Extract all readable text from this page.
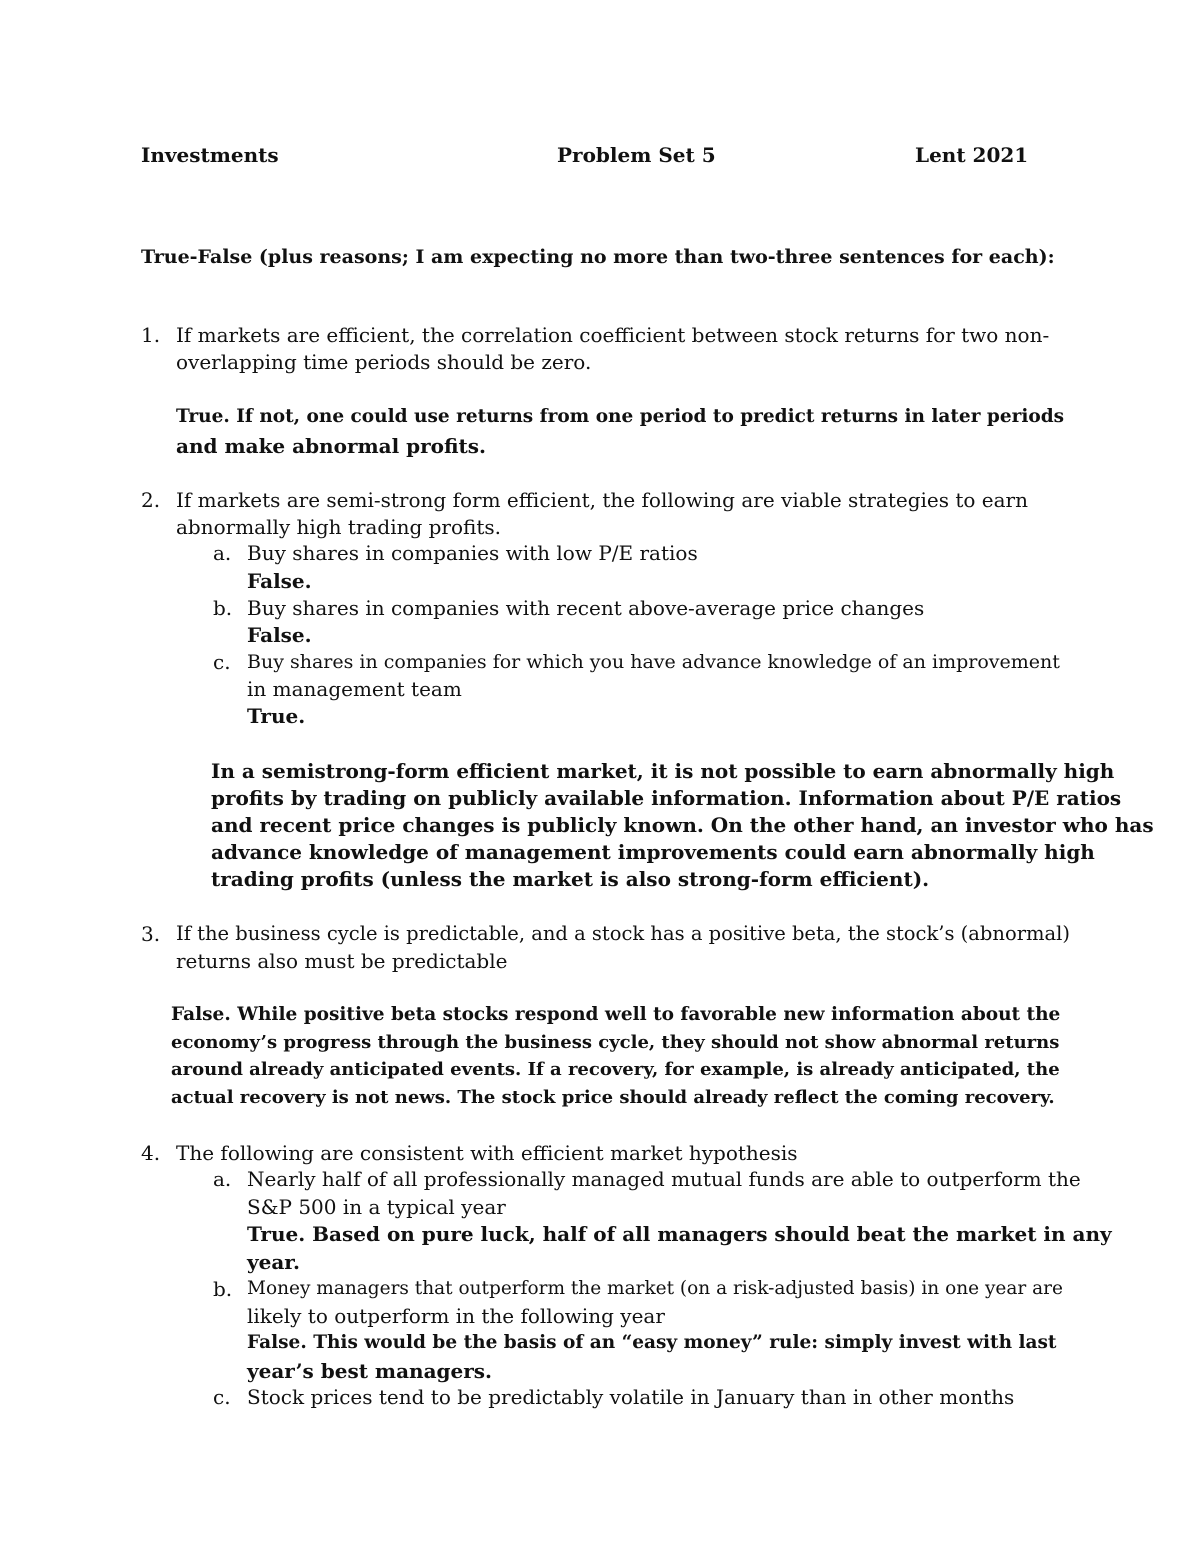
Investments	Problem Set 5	Lent 2021
True-False (plus reasons; I am expecting no more than two-three sentences for each):
1. If markets are efficient, the correlation coefficient between stock returns for two non-
overlapping time periods should be zero.
True. If not, one could use returns from one period to predict returns in later periods
and make abnormal profits.
2. If markets are semi-strong form efficient, the following are viable strategies to earn
abnormally high trading profits.
a. Buy shares in companies with low P/E ratios
False.
b. Buy shares in companies with recent above-average price changes
False.
c. Buy shares in companies for which you have advance knowledge of an improvement
in management team
True.
In a semistrong-form efficient market, it is not possible to earn abnormally high
profits by trading on publicly available information. Information about P/E ratios
and recent price changes is publicly known. On the other hand, an investor who has
advance knowledge of management improvements could earn abnormally high
trading profits (unless the market is also strong-form efficient).
3. If the business cycle is predictable, and a stock has a positive beta, the stock’s (abnormal)
returns also must be predictable
False. While positive beta stocks respond well to favorable new information about the
economy’s progress through the business cycle, they should not show abnormal returns
around already anticipated events. If a recovery, for example, is already anticipated, the
actual recovery is not news. The stock price should already reflect the coming recovery.
4. The following are consistent with efficient market hypothesis
a. Nearly half of all professionally managed mutual funds are able to outperform the
S&P 500 in a typical year
True. Based on pure luck, half of all managers should beat the market in any
year.
b. Money managers that outperform the market (on a risk-adjusted basis) in one year are
likely to outperform in the following year
False. This would be the basis of an “easy money” rule: simply invest with last
year’s best managers.
c. Stock prices tend to be predictably volatile in January than in other months
